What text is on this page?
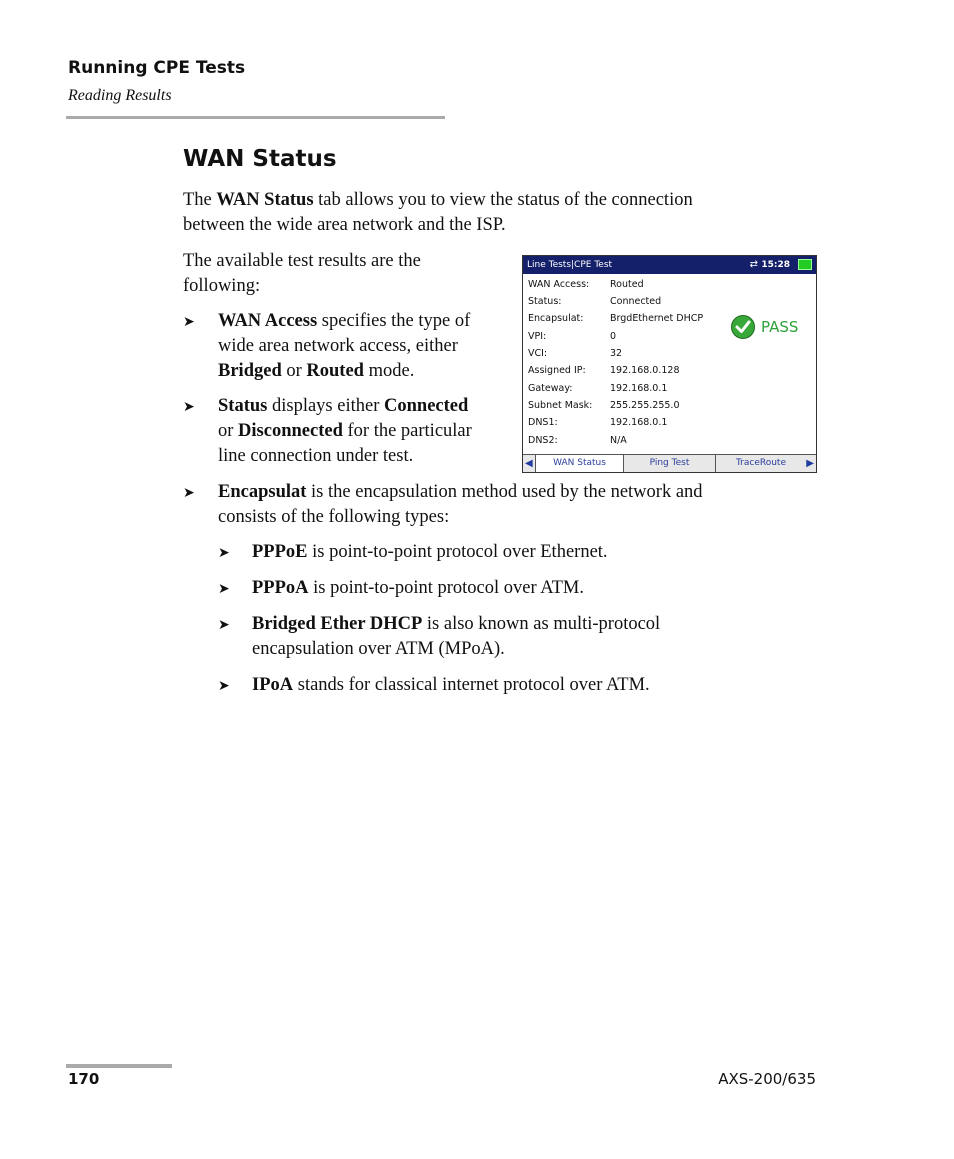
Running CPE Tests
Reading Results
WAN Status
The WAN Status tab allows you to view the status of the connection
between the wide area network and the ISP.
The available test results are the
following:
➤ WAN Access specifies the type of
wide area network access, either
Bridged or Routed mode.
➤ Status displays either Connected
or Disconnected for the particular
line connection under test.
➤ Encapsulat is the encapsulation method used by the network and
consists of the following types:
➤ PPPoE is point-to-point protocol over Ethernet.
➤ PPPoA is point-to-point protocol over ATM.
➤ Bridged Ether DHCP is also known as multi-protocol
encapsulation over ATM (MPoA).
➤ IPoA stands for classical internet protocol over ATM.
Line Tests|CPE Test	⇄ 15:28
WAN Access: Routed
Status:	Connected
Encapsulat:	BrgdEthernet DHCP
VPI:	0
VCI:	32
Assigned IP:	192.168.0.128
Gateway:	192.168.0.1
Subnet Mask: 255.255.255.0
DNS1:	192.168.0.1
DNS2:	N/A
PASS
◀	WAN Status	Ping Test	TraceRoute	▶
170	AXS-200/635
